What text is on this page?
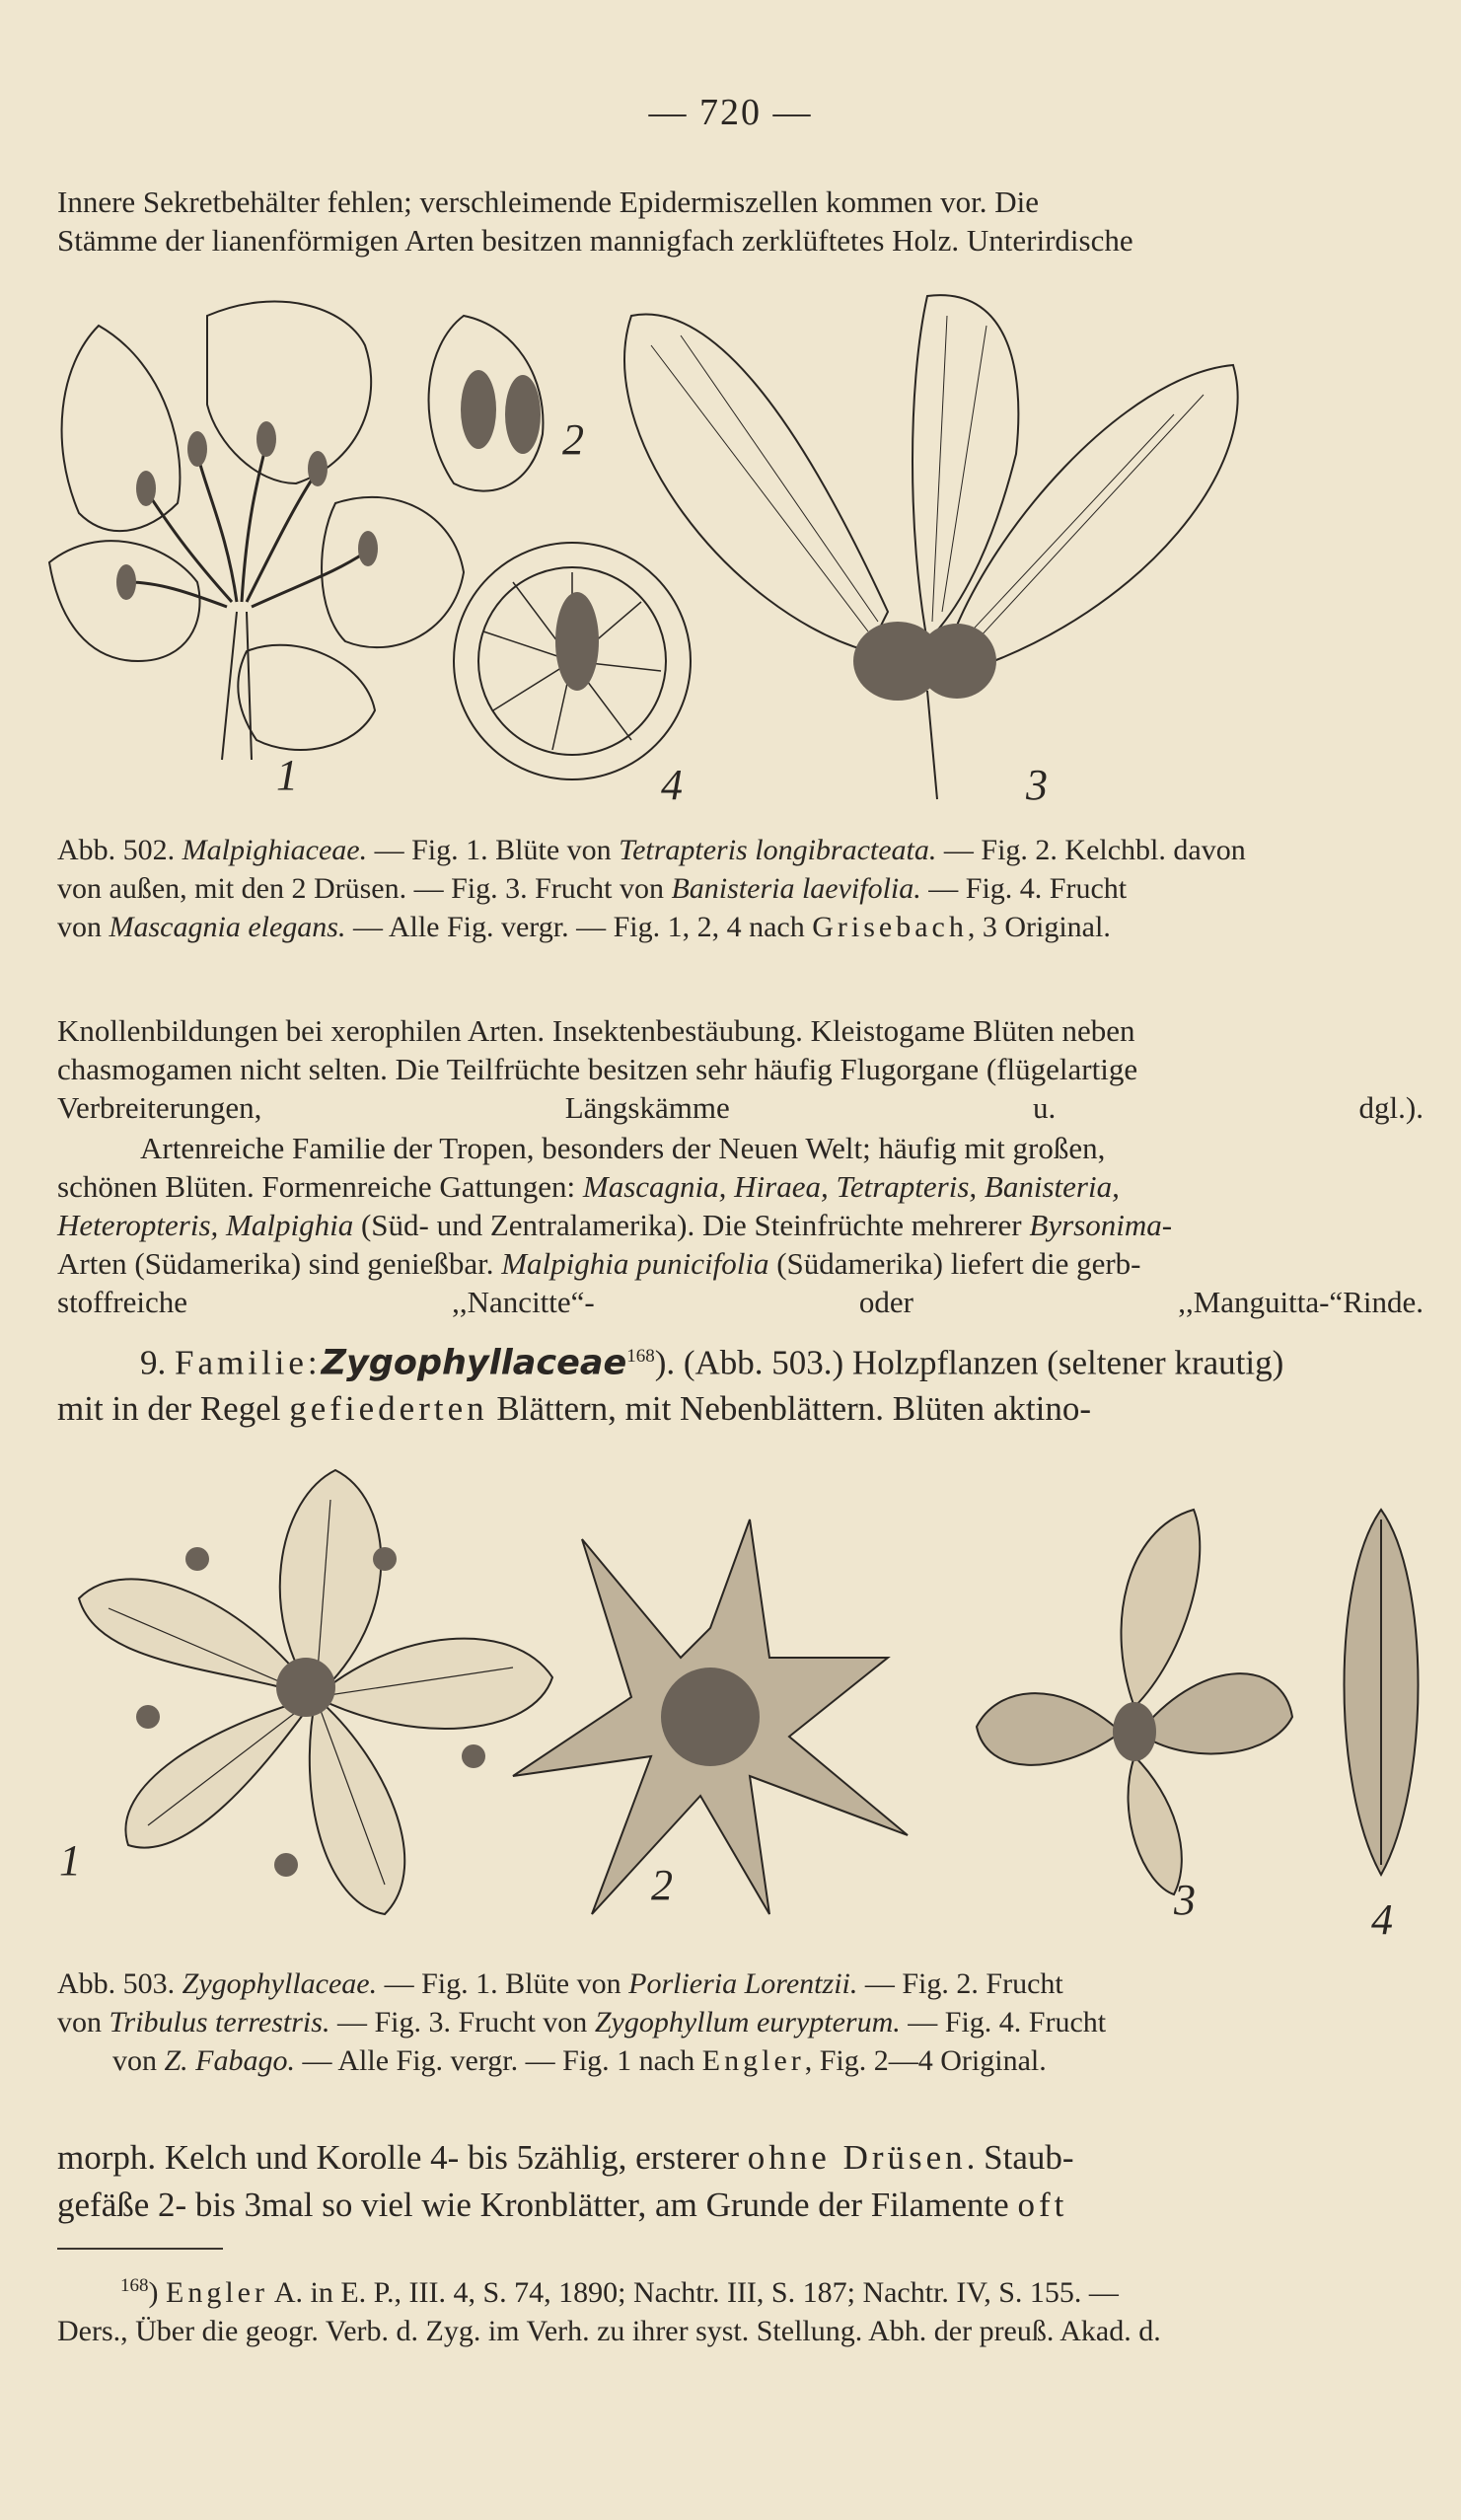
— 720 —
Innere Sekretbehälter fehlen; verschleimende Epidermiszellen kommen vor. Die
Stämme der lianenförmigen Arten besitzen mannigfach zerklüftetes Holz. Unterirdische
1
2
4	3
Abb. 502. Malpighiaceae. — Fig. 1. Blüte von Tetrapteris longibracteata. — Fig. 2. Kelchbl. davon
von außen, mit den 2 Drüsen. — Fig. 3. Frucht von Banisteria laevifolia. — Fig. 4. Frucht
von Mascagnia elegans. — Alle Fig. vergr. — Fig. 1, 2, 4 nach Grisebach, 3 Original.
Knollenbildungen bei xerophilen Arten. Insektenbestäubung. Kleistogame Blüten neben
chasmogamen nicht selten. Die Teilfrüchte besitzen sehr häufig Flugorgane (flügelartige
Verbreiterungen, Längskämme u. dgl.).
Artenreiche Familie der Tropen, besonders der Neuen Welt; häufig mit großen,
schönen Blüten. Formenreiche Gattungen: Mascagnia, Hiraea, Tetrapteris, Banisteria,
Heteropteris, Malpighia (Süd- und Zentralamerika). Die Steinfrüchte mehrerer Byrsonima-
Arten (Südamerika) sind genießbar. Malpighia punicifolia (Südamerika) liefert die gerb-
stoffreiche ,,Nancitte“- oder ,,Manguitta-“Rinde.
9. Familie:Zygophyllaceae$^{168}$). (Abb. 503.) Holzpflanzen (seltener krautig)
mit in der Regel gefiederten Blättern, mit Nebenblättern. Blüten aktino-
1
2	3	4
Abb. 503. Zygophyllaceae. — Fig. 1. Blüte von Porlieria Lorentzii. — Fig. 2. Frucht
von Tribulus terrestris. — Fig. 3. Frucht von Zygophyllum eurypterum. — Fig. 4. Frucht
von Z. Fabago. — Alle Fig. vergr. — Fig. 1 nach Engler, Fig. 2—4 Original.
morph. Kelch und Korolle 4- bis 5zählig, ersterer ohne Drüsen. Staub-
gefäße 2- bis 3mal so viel wie Kronblätter, am Grunde der Filamente oft
$^{168}$) Engler A. in E. P., III. 4, S. 74, 1890; Nachtr. III, S. 187; Nachtr. IV, S. 155. —
Ders., Über die geogr. Verb. d. Zyg. im Verh. zu ihrer syst. Stellung. Abh. der preuß. Akad. d.
